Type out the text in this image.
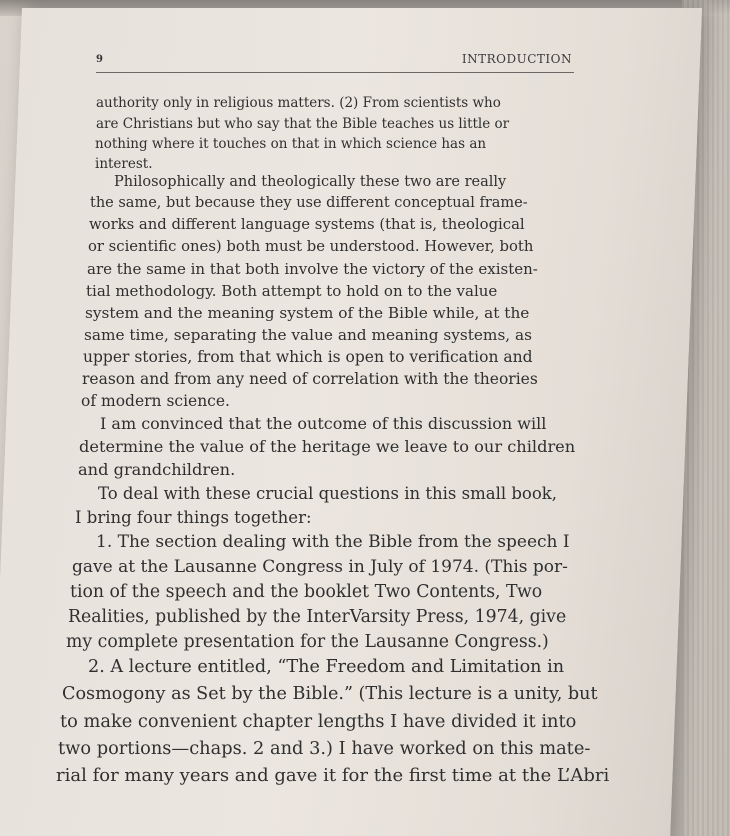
9	INTRODUCTION
authority only in religious matters. (2) From scientists who
are Christians but who say that the Bible teaches us little or
nothing where it touches on that in which science has an
interest.
Philosophically and theologically these two are really
the same, but because they use different conceptual frame-
works and different language systems (that is, theological
or scientific ones) both must be understood. However, both
are the same in that both involve the victory of the existen-
tial methodology. Both attempt to hold on to the value
system and the meaning system of the Bible while, at the
same time, separating the value and meaning systems, as
upper stories, from that which is open to verification and
reason and from any need of correlation with the theories
of modern science.
I am convinced that the outcome of this discussion will
determine the value of the heritage we leave to our children
and grandchildren.
To deal with these crucial questions in this small book,
I bring four things together:
1. The section dealing with the Bible from the speech I
gave at the Lausanne Congress in July of 1974. (This por-
tion of the speech and the booklet Two Contents, Two
Realities, published by the InterVarsity Press, 1974, give
my complete presentation for the Lausanne Congress.)
2. A lecture entitled, “The Freedom and Limitation in
Cosmogony as Set by the Bible.” (This lecture is a unity, but
to make convenient chapter lengths I have divided it into
two portions—chaps. 2 and 3.) I have worked on this mate-
rial for many years and gave it for the first time at the L’Abri
